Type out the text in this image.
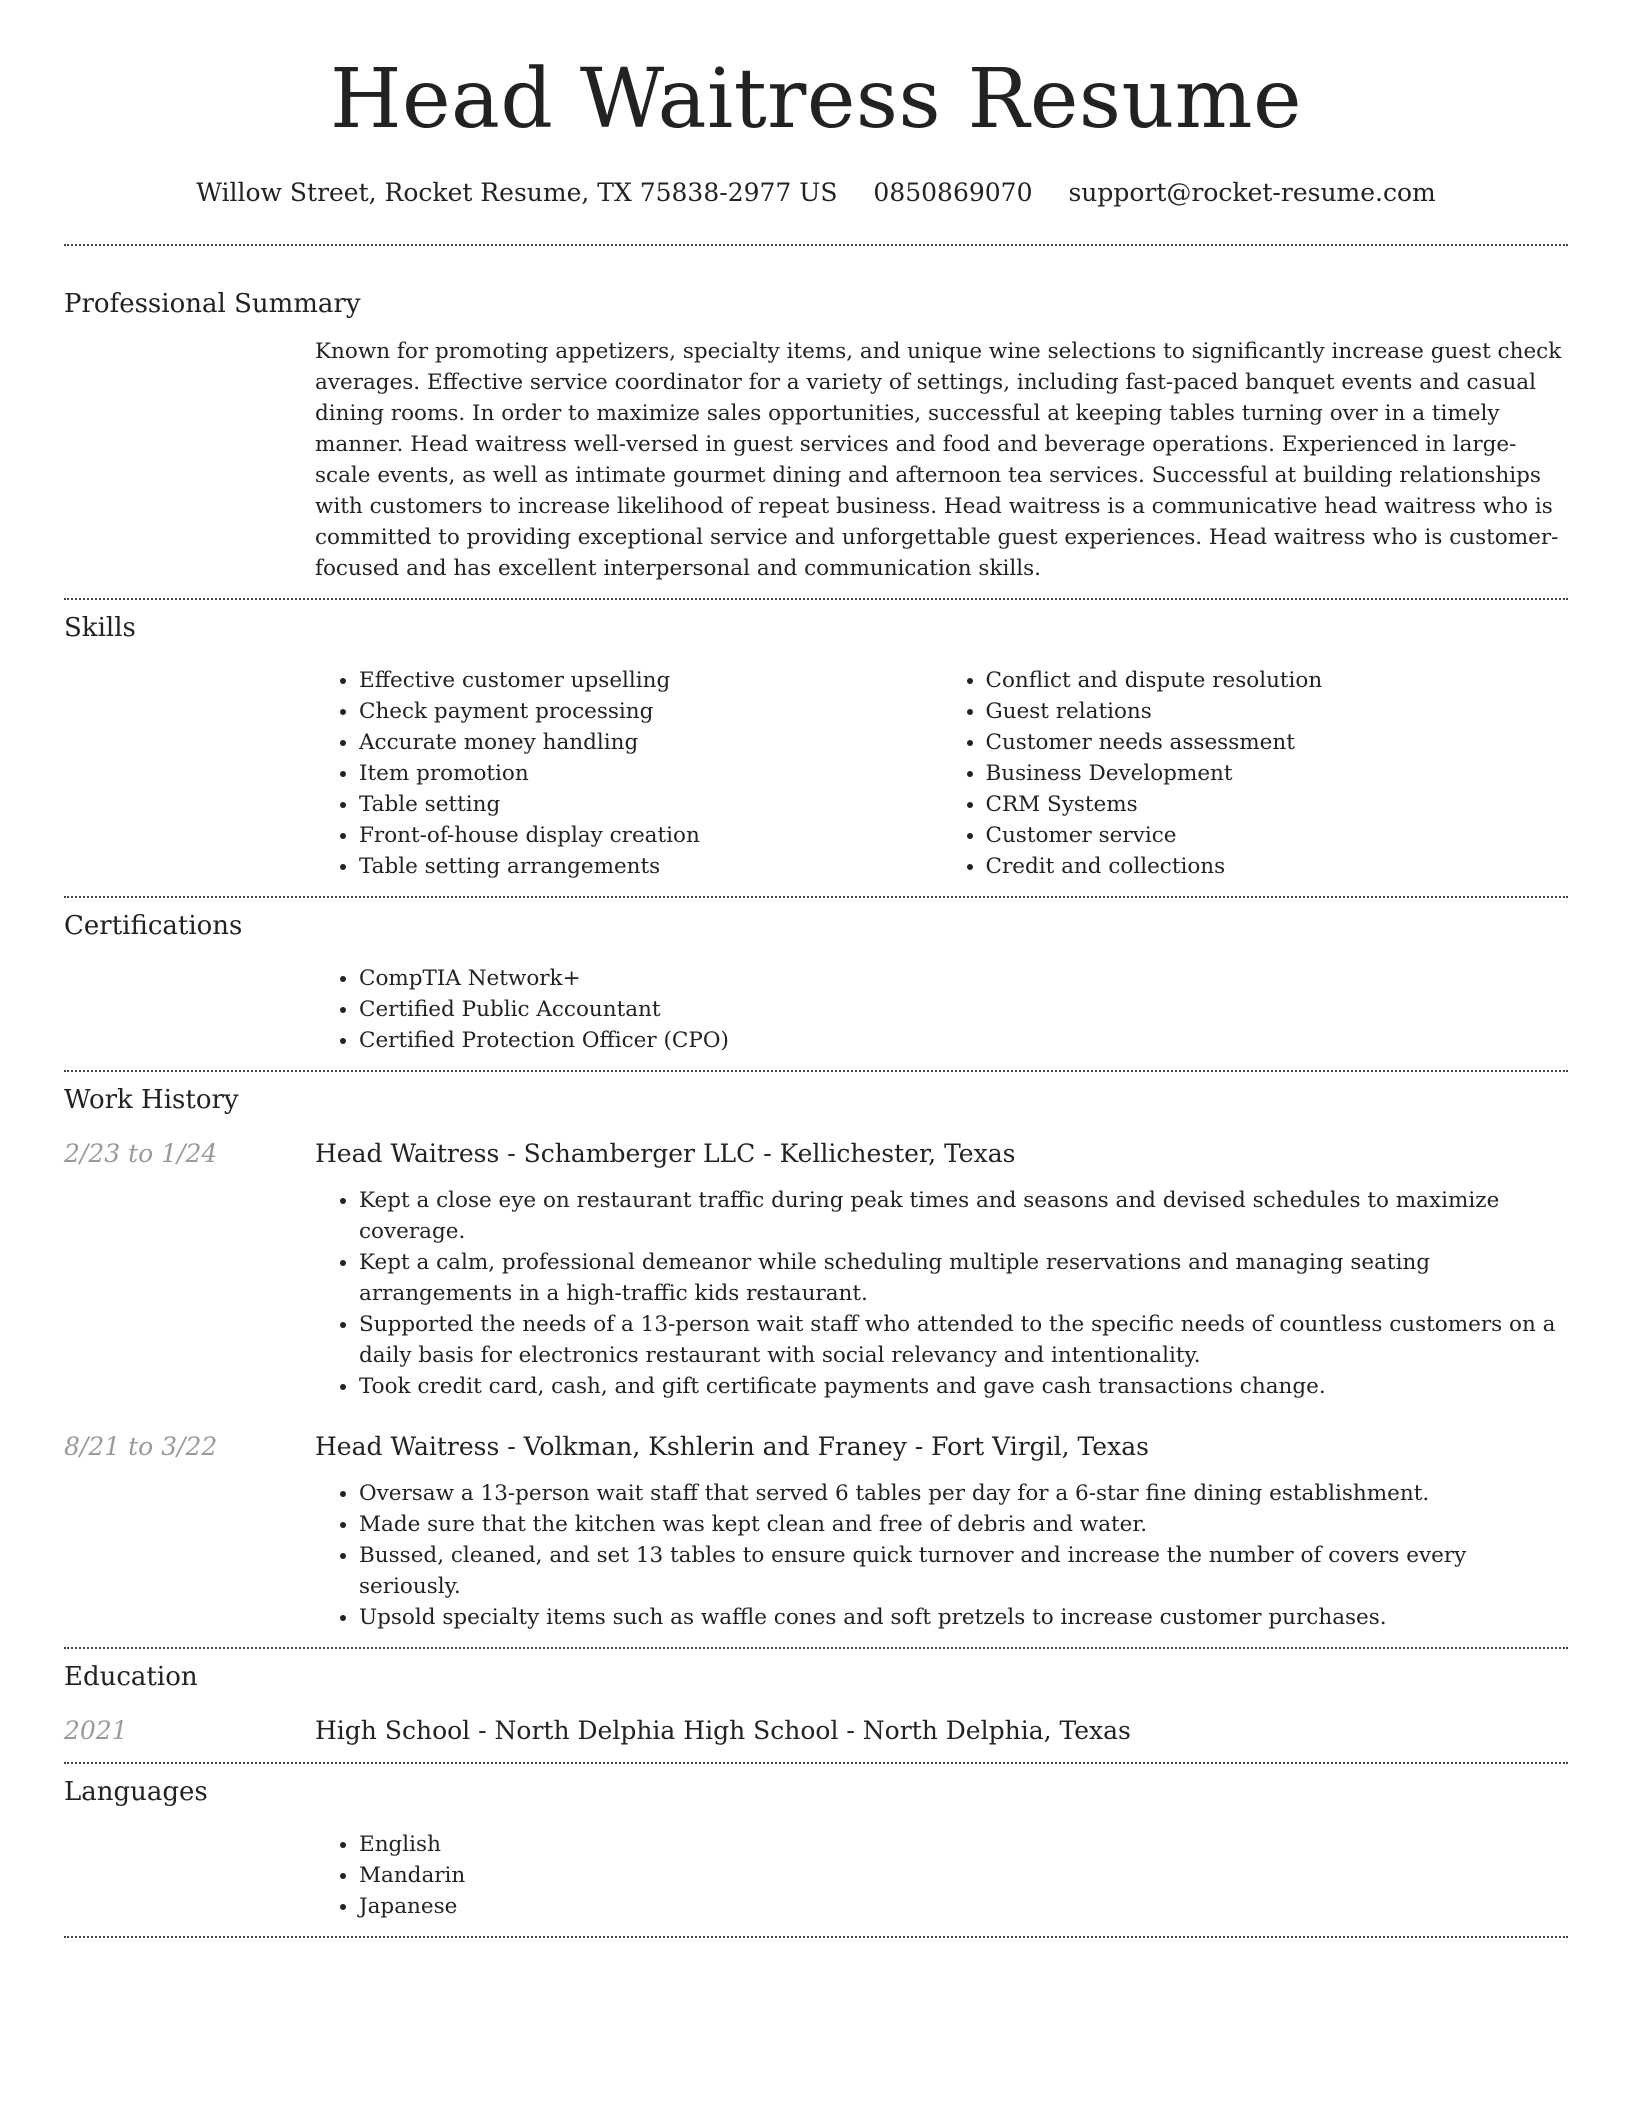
Head Waitress Resume
Willow Street, Rocket Resume, TX 75838-2977 US 0850869070 support@rocket-resume.com
Professional Summary

Known for promoting appetizers, specialty items, and unique wine selections to significantly increase guest check averages. Effective service coordinator for a variety of settings, including fast-paced banquet events and casual dining rooms. In order to maximize sales opportunities, successful at keeping tables turning over in a timely manner. Head waitress well-versed in guest services and food and beverage operations. Experienced in large-scale events, as well as intimate gourmet dining and afternoon tea services. Successful at building relationships with customers to increase likelihood of repeat business. Head waitress is a communicative head waitress who is committed to providing exceptional service and unforgettable guest experiences. Head waitress who is customer-focused and has excellent interpersonal and communication skills.

Skills
• Effective customer upselling
• Check payment processing
• Accurate money handling
• Item promotion
• Table setting
• Front-of-house display creation
• Table setting arrangements
• Conflict and dispute resolution
• Guest relations
• Customer needs assessment
• Business Development
• CRM Systems
• Customer service
• Credit and collections
Certifications
• CompTIA Network+
• Certified Public Accountant
• Certified Protection Officer (CPO)
Work History
2/23 to 1/24	Head Waitress - Schamberger LLC - Kellichester, Texas
• Kept a close eye on restaurant traffic during peak times and seasons and devised schedules to maximize coverage.
• Kept a calm, professional demeanor while scheduling multiple reservations and managing seating arrangements in a high-traffic kids restaurant.
• Supported the needs of a 13-person wait staff who attended to the specific needs of countless customers on a daily basis for electronics restaurant with social relevancy and intentionality.
• Took credit card, cash, and gift certificate payments and gave cash transactions change.
8/21 to 3/22	Head Waitress - Volkman, Kshlerin and Franey - Fort Virgil, Texas
• Oversaw a 13-person wait staff that served 6 tables per day for a 6-star fine dining establishment.
• Made sure that the kitchen was kept clean and free of debris and water.
• Bussed, cleaned, and set 13 tables to ensure quick turnover and increase the number of covers every seriously.
• Upsold specialty items such as waffle cones and soft pretzels to increase customer purchases.
Education
2021	High School - North Delphia High School - North Delphia, Texas
Languages
• English
• Mandarin
• Japanese
